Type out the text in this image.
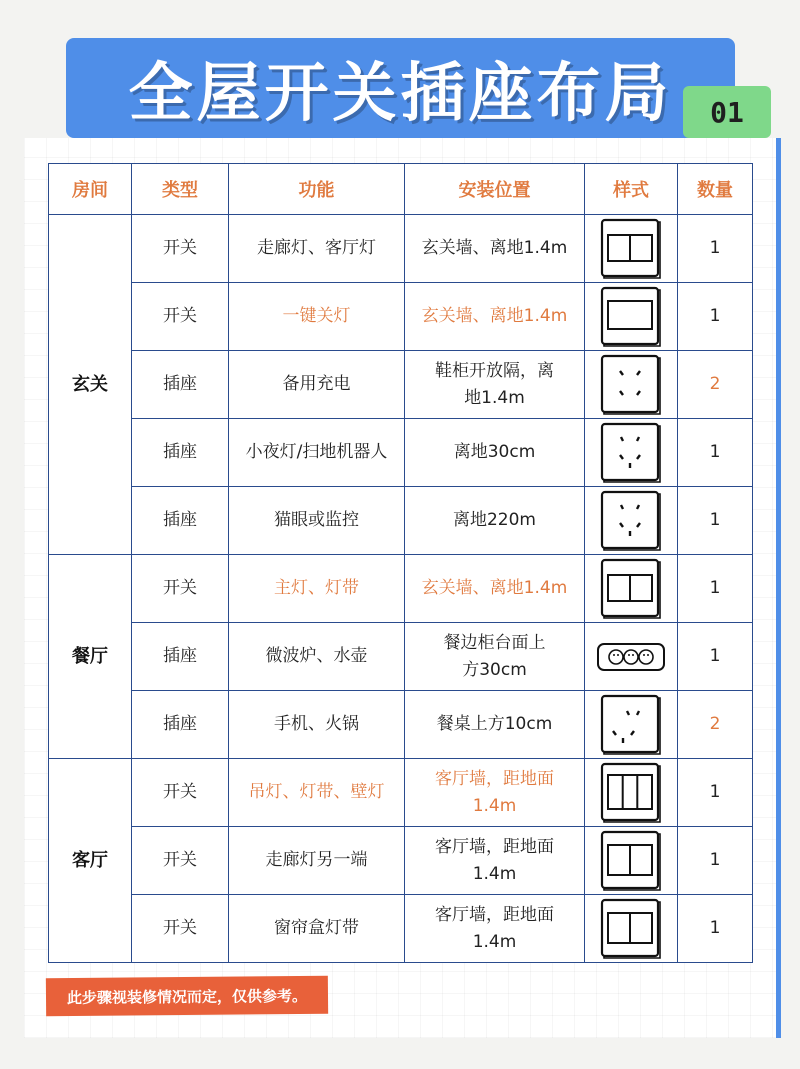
全屋开关插座布局	01
房间	类型	功能	安装位置	样式	数量
玄关	开关	走廊灯、客厅灯	玄关墙、离地1.4m		1
	开关	一键关灯	玄关墙、离地1.4m		1
	插座	备用充电	鞋柜开放隔，离地1.4m		2
	插座	小夜灯/扫地机器人	离地30cm		1
	插座	猫眼或监控	离地220m		1
餐厅	开关	主灯、灯带	玄关墙、离地1.4m		1
	插座	微波炉、水壶	餐边柜台面上方30cm		1
	插座	手机、火锅	餐桌上方10cm		2
客厅	开关	吊灯、灯带、壁灯	客厅墙，距地面1.4m		1
	开关	走廊灯另一端	客厅墙，距地面1.4m		1
	开关	窗帘盒灯带	客厅墙，距地面1.4m		1
此步骤视装修情况而定，仅供参考。
